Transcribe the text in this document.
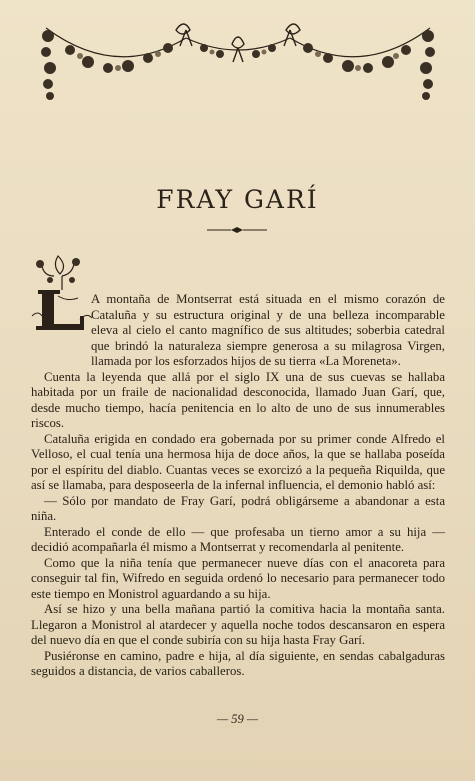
FRAY GARÍ

A montaña de Montserrat está situada en el mismo corazón de Cataluña y su estructura original y de una belleza incomparable eleva al cielo el canto magnífico de sus altitudes; soberbia catedral que brindó la naturaleza siempre generosa a su milagrosa Virgen, llamada por los esforzados hijos de su tierra «La Moreneta».

Cuenta la leyenda que allá por el siglo IX una de sus cuevas se hallaba habitada por un fraile de nacionalidad desconocida, llamado Juan Garí, que, desde mucho tiempo, hacía penitencia en lo alto de uno de sus innumerables riscos.

Cataluña erigida en condado era gobernada por su primer conde Alfredo el Velloso, el cual tenía una hermosa hija de doce años, la que se hallaba poseída por el espíritu del diablo. Cuantas veces se exorcizó a la pequeña Riquilda, que así se llamaba, para desposeerla de la infernal influencia, el demonio habló así:

— Sólo por mandato de Fray Garí, podrá obligárseme a abandonar a esta niña.

Enterado el conde de ello — que profesaba un tierno amor a su hija — decidió acompañarla él mismo a Montserrat y recomendarla al penitente.

Como que la niña tenía que permanecer nueve días con el anacoreta para conseguir tal fin, Wifredo en seguida ordenó lo necesario para permanecer todo este tiempo en Monistrol aguardando a su hija.

Así se hizo y una bella mañana partió la comitiva hacia la montaña santa. Llegaron a Monistrol al atardecer y aquella noche todos descansaron en espera del nuevo día en que el conde subiría con su hija hasta Fray Garí.

Pusiéronse en camino, padre e hija, al día siguiente, en sendas cabalgaduras seguidos a distancia, de varios caballeros.

— 59 —
